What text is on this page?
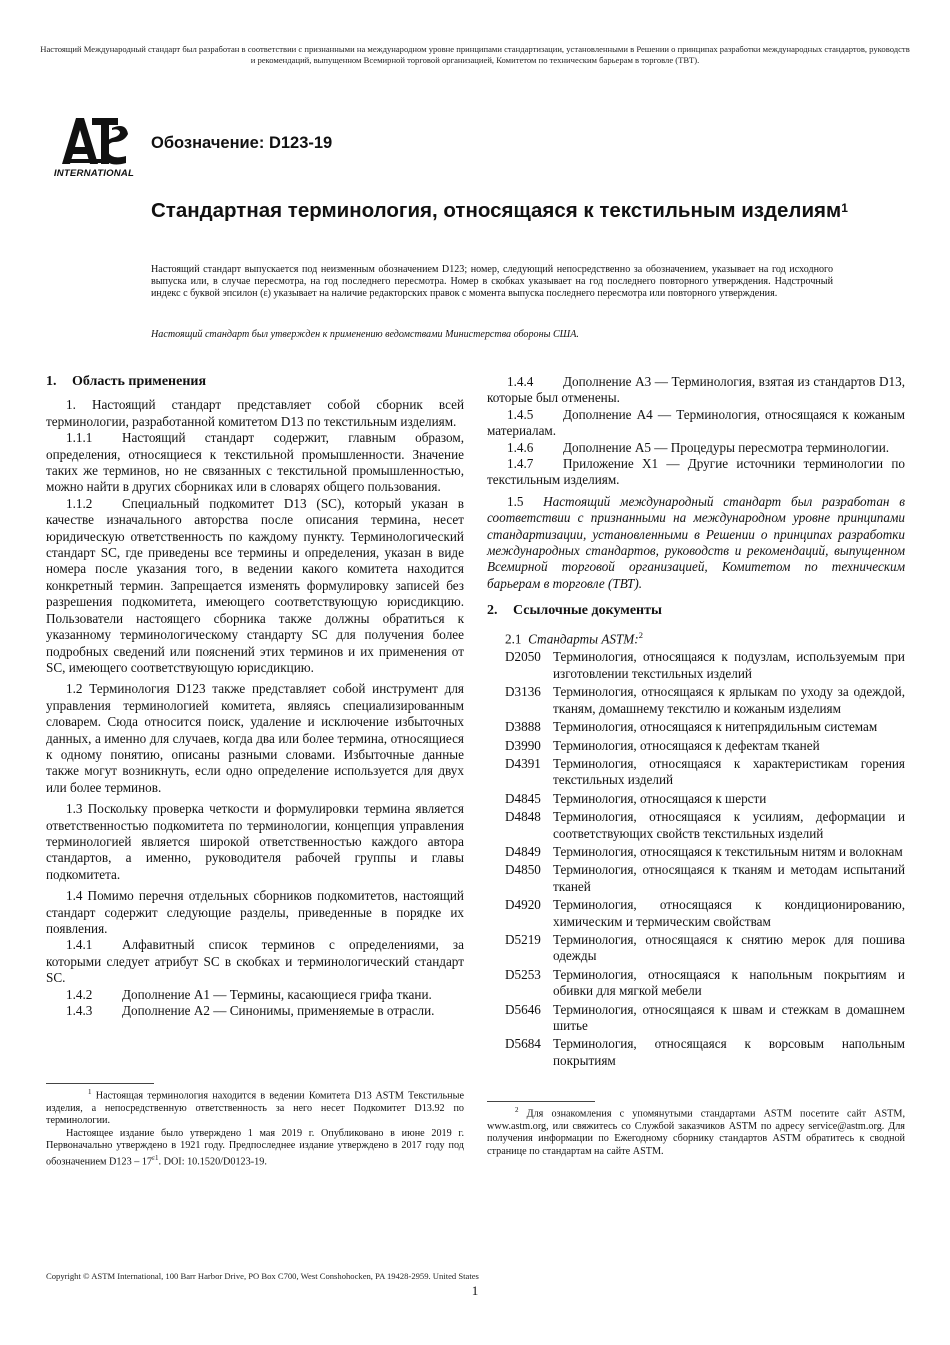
Настоящий Международный стандарт был разработан в соответствии с признанными на международном уровне принципами стандартизации, установленными в Решении о принципах разработки международных стандартов, руководств и рекомендаций, выпущенном Всемирной торговой организацией, Комитетом по техническим барьерам в торговле (ТВТ).
INTERNATIONAL
Обозначение: D123-19
Стандартная терминология, относящаяся к текстильным изделиям$^1$
Настоящий стандарт выпускается под неизменным обозначением D123; номер, следующий непосредственно за обозначением, указывает на год исходного выпуска или, в случае пересмотра, на год последнего пересмотра. Номер в скобках указывает на год последнего повторного утверждения. Надстрочный индекс с буквой эпсилон (ε) указывает на наличие редакторских правок с момента выпуска последнего пересмотра или повторного утверждения.
Настоящий стандарт был утвержден к применению ведомствами Министерства обороны США.

1. Область применения

1. Настоящий стандарт представляет собой сборник всей терминологии, разработанной комитетом D13 по текстильным изделиям.

1.1.1 Настоящий стандарт содержит, главным образом, определения, относящиеся к текстильной промышленности. Значение таких же терминов, но не связанных с текстильной промышленностью, можно найти в других сборниках или в словарях общего пользования.

1.1.2 Специальный подкомитет D13 (SC), который указан в качестве изначального авторства после описания термина, несет юридическую ответственность по каждому пункту. Терминологический стандарт SC, где приведены все термины и определения, указан в виде номера после указания того, в ведении какого комитета находится конкретный термин. Запрещается изменять формулировку записей без разрешения подкомитета, имеющего соответствующую юрисдикцию. Пользователи настоящего сборника также должны обратиться к указанному терминологическому стандарту SC для получения более подробных сведений или пояснений этих терминов и их применения от SC, имеющего соответствующую юрисдикцию.

1.2 Терминология D123 также представляет собой инструмент для управления терминологией комитета, являясь специализированным словарем. Сюда относится поиск, удаление и исключение избыточных данных, а именно для случаев, когда два или более термина, относящиеся к одному понятию, описаны разными словами. Избыточные данные также могут возникнуть, если одно определение используется для двух или более терминов.

1.3 Поскольку проверка четкости и формулировки термина является ответственностью подкомитета по терминологии, концепция управления терминологией является широкой ответственностью каждого автора стандартов, а именно, руководителя рабочей группы и главы подкомитета.

1.4 Помимо перечня отдельных сборников подкомитетов, настоящий стандарт содержит следующие разделы, приведенные в порядке их появления.

1.4.1 Алфавитный список терминов с определениями, за которыми следует атрибут SC в скобках и терминологический стандарт SC.

1.4.2 Дополнение A1 — Термины, касающиеся грифа ткани.

1.4.3 Дополнение A2 — Синонимы, применяемые в отрасли.

$^1$ Настоящая терминология находится в ведении Комитета D13 ASTM Текстильные изделия, а непосредственную ответственность за него несет Подкомитет D13.92 по терминологии.

Настоящее издание было утверждено 1 мая 2019 г. Опубликовано в июне 2019 г. Первоначально утверждено в 1921 году. Предпоследнее издание утверждено в 2017 году под обозначением $D123 - 17^{\varepsilon 1}$. DOI: 10.1520/D0123-19.

1.4.4 Дополнение A3 — Терминология, взятая из стандартов D13, которые был отменены.

1.4.5 Дополнение A4 — Терминология, относящаяся к кожаным материалам.

1.4.6 Дополнение A5 — Процедуры пересмотра терминологии.

1.4.7 Приложение X1 — Другие источники терминологии по текстильным изделиям.

1.5 Настоящий международный стандарт был разработан в соответствии с признанными на международном уровне принципами стандартизации, установленными в Решении о принципах разработки международных стандартов, руководств и рекомендаций, выпущенном Всемирной торговой организацией, Комитетом по техническим барьерам в торговле (ТВТ).

2. Ссылочные документы

2.1 Стандарты ASTM:$^2$

D2050 Терминология, относящаяся к подузлам, используемым при изготовлении текстильных изделий
D3136 Терминология, относящаяся к ярлыкам по уходу за одеждой, тканям, домашнему текстилю и кожаным изделиям
D3888 Терминология, относящаяся к нитепрядильным системам
D3990 Терминология, относящаяся к дефектам тканей
D4391 Терминология, относящаяся к характеристикам горения текстильных изделий
D4845 Терминология, относящаяся к шерсти
D4848 Терминология, относящаяся к усилиям, деформации и соответствующих свойств текстильных изделий
D4849 Терминология, относящаяся к текстильным нитям и волокнам
D4850 Терминология, относящаяся к тканям и методам испытаний тканей
D4920 Терминология, относящаяся к кондиционированию, химическим и термическим свойствам
D5219 Терминология, относящаяся к снятию мерок для пошива одежды
D5253 Терминология, относящаяся к напольным покрытиям и обивки для мягкой мебели
D5646 Терминология, относящаяся к швам и стежкам в домашнем шитье
D5684 Терминология, относящаяся к ворсовым напольным покрытиям

$^2$ Для ознакомления с упомянутыми стандартами ASTM посетите сайт ASTM, www.astm.org, или свяжитесь со Службой заказчиков ASTM по адресу service@astm.org. Для получения информации по Ежегодному сборнику стандартов ASTM обратитесь к сводной странице по стандартам на сайте ASTM.

Copyright © ASTM International, 100 Barr Harbor Drive, PO Box C700, West Conshohocken, PA 19428-2959. United States
1
